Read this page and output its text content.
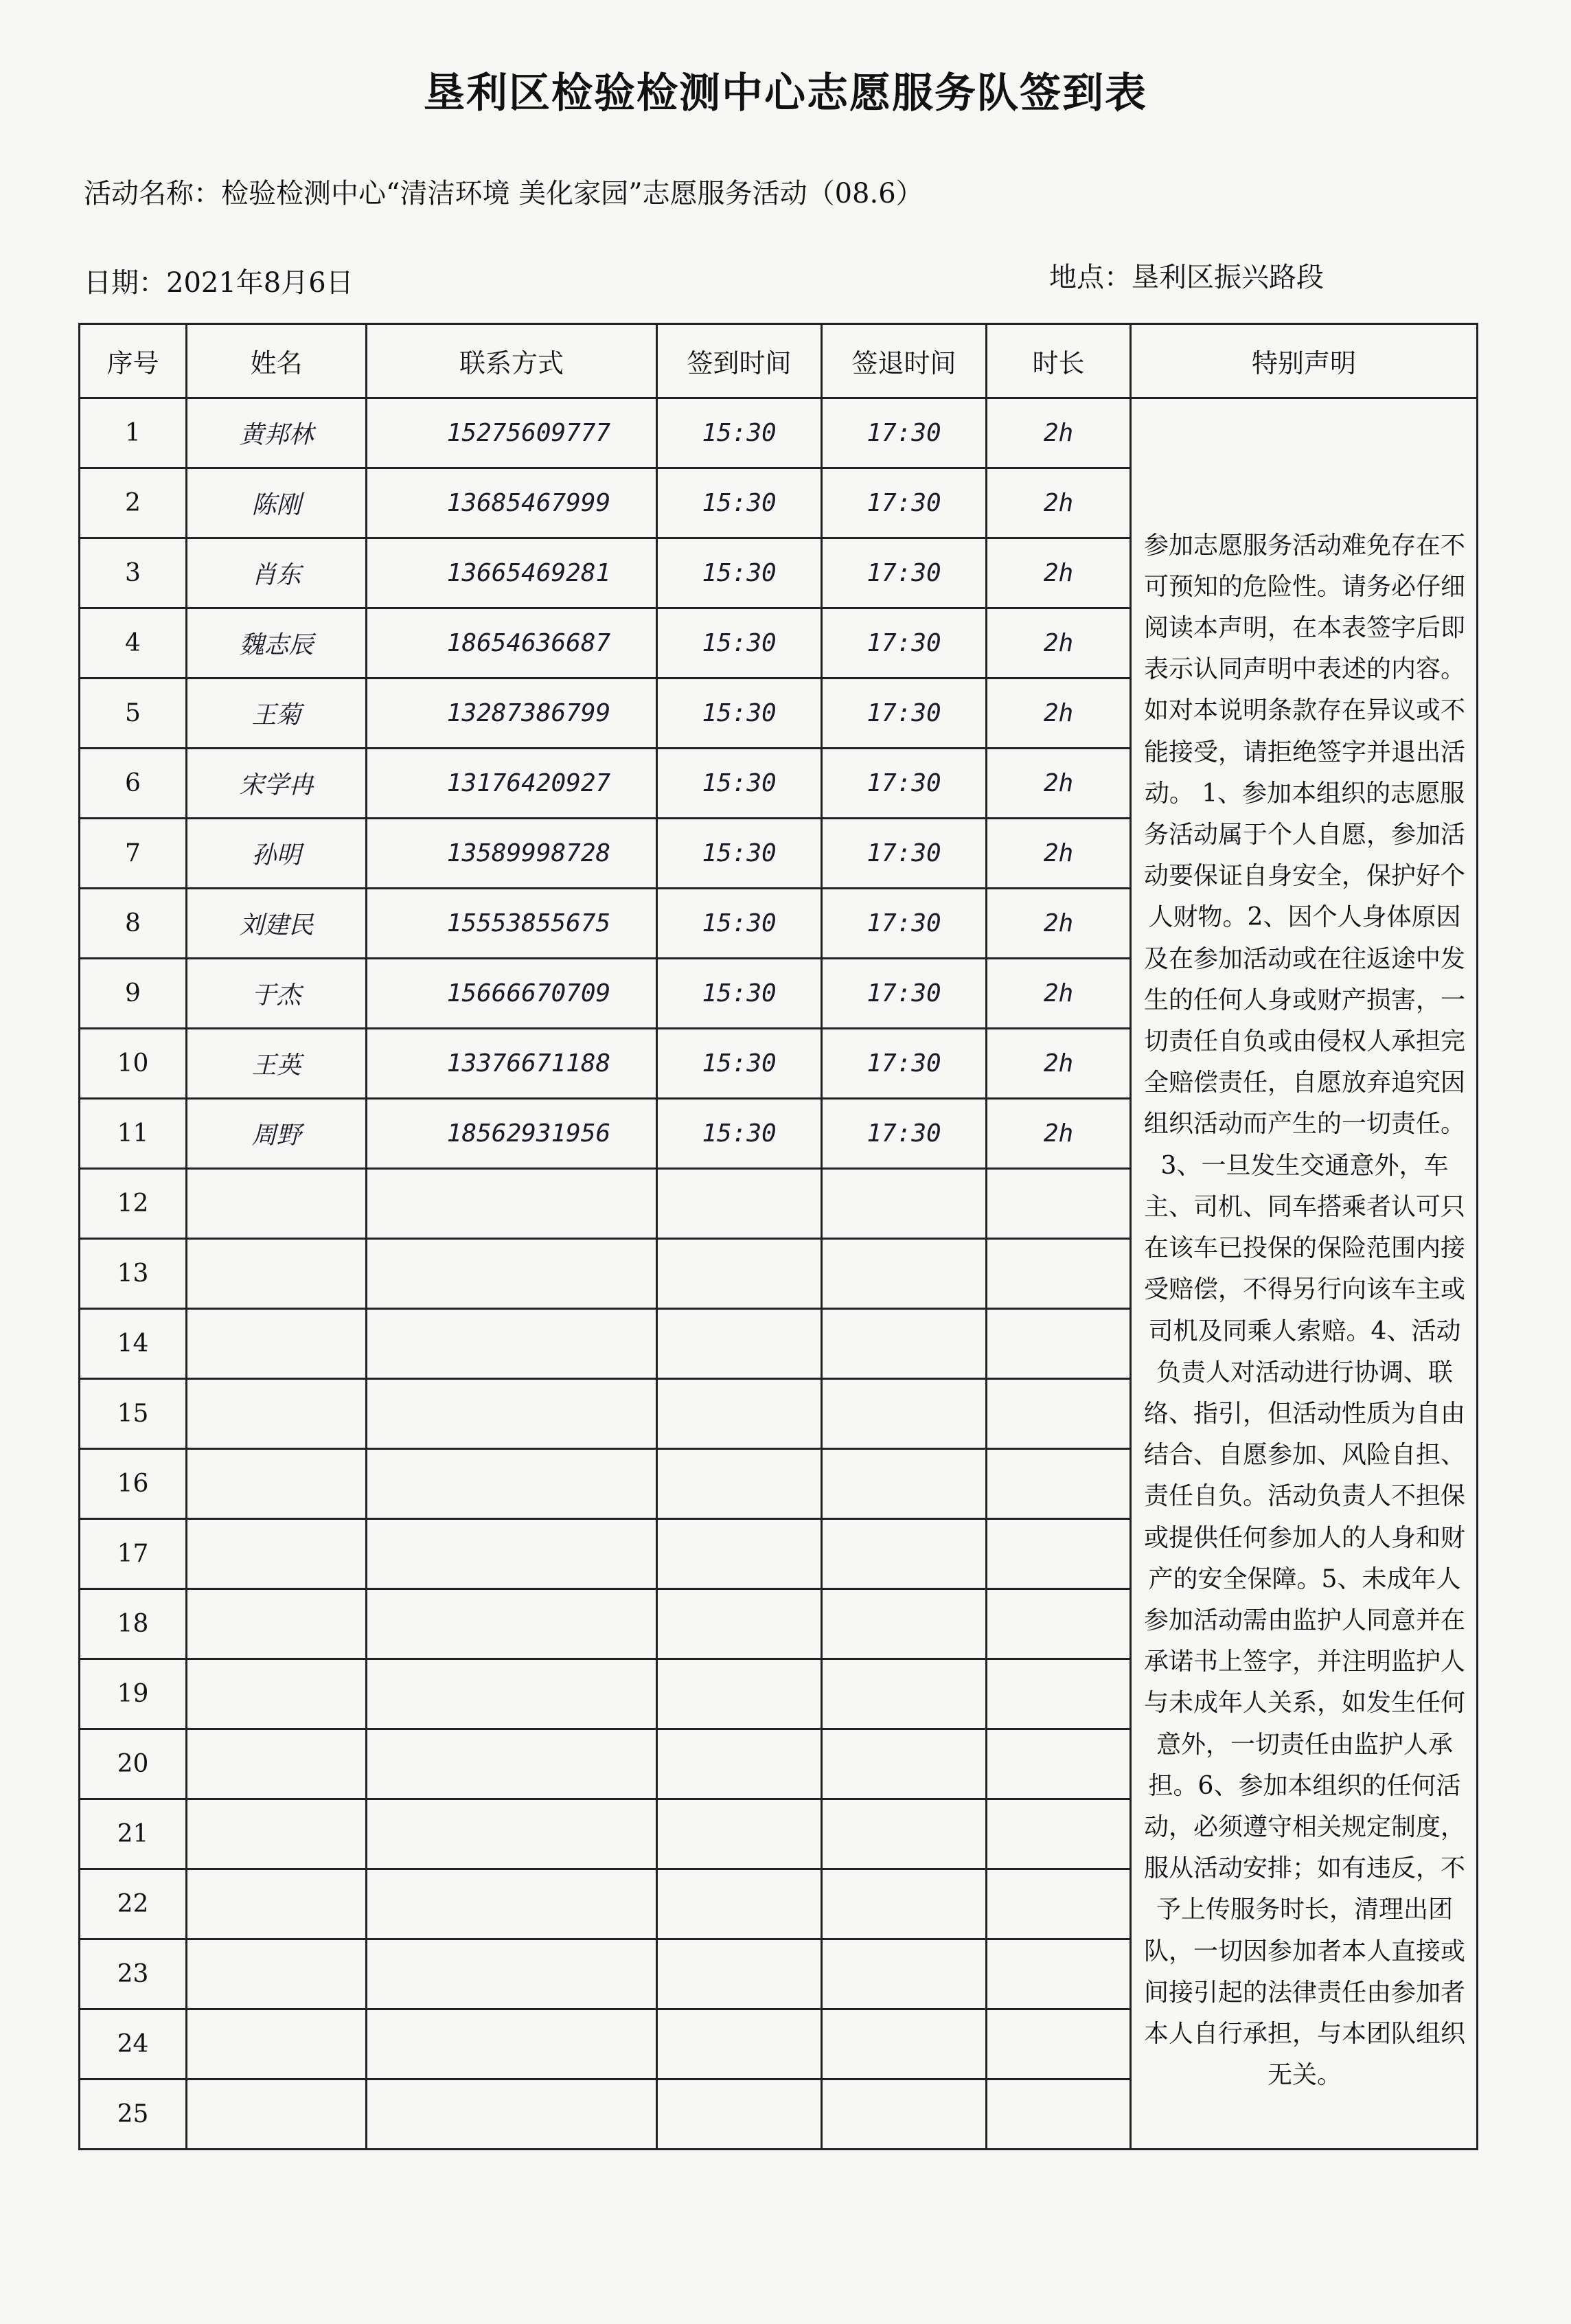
垦利区检验检测中心志愿服务队签到表
活动名称：检验检测中心“清洁环境 美化家园”志愿服务活动（08.6）
日期：2021年8月6日	地点：垦利区振兴路段
序号	姓名	联系方式	签到时间	签退时间	时长	特别声明
1	黄邦林	15275609777	15:30	17:30	2h	参加志愿服务活动难免存在不可预知的危险性。请务必仔细阅读本声明，在本表签字后即表示认同声明中表述的内容。如对本说明条款存在异议或不能接受，请拒绝签字并退出活动。 1、参加本组织的志愿服务活动属于个人自愿，参加活动要保证自身安全，保护好个人财物。2、因个人身体原因及在参加活动或在往返途中发生的任何人身或财产损害，一切责任自负或由侵权人承担完全赔偿责任，自愿放弃追究因组织活动而产生的一切责任。3、一旦发生交通意外，车主、司机、同车搭乘者认可只在该车已投保的保险范围内接受赔偿，不得另行向该车主或司机及同乘人索赔。4、活动负责人对活动进行协调、联络、指引，但活动性质为自由结合、自愿参加、风险自担、责任自负。活动负责人不担保或提供任何参加人的人身和财产的安全保障。5、未成年人参加活动需由监护人同意并在承诺书上签字，并注明监护人与未成年人关系，如发生任何意外，一切责任由监护人承担。6、参加本组织的任何活动，必须遵守相关规定制度，服从活动安排；如有违反，不予上传服务时长，清理出团队，一切因参加者本人直接或间接引起的法律责任由参加者本人自行承担，与本团队组织无关。
2	陈刚	13685467999	15:30	17:30	2h	
3	肖东	13665469281	15:30	17:30	2h	
4	魏志辰	18654636687	15:30	17:30	2h	
5	王菊	13287386799	15:30	17:30	2h	
6	宋学冉	13176420927	15:30	17:30	2h	
7	孙明	13589998728	15:30	17:30	2h	
8	刘建民	15553855675	15:30	17:30	2h	
9	于杰	15666670709	15:30	17:30	2h	
10	王英	13376671188	15:30	17:30	2h	
11	周野	18562931956	15:30	17:30	2h	
12						
13						
14						
15						
16						
17						
18						
19						
20						
21						
22						
23						
24						
25						
